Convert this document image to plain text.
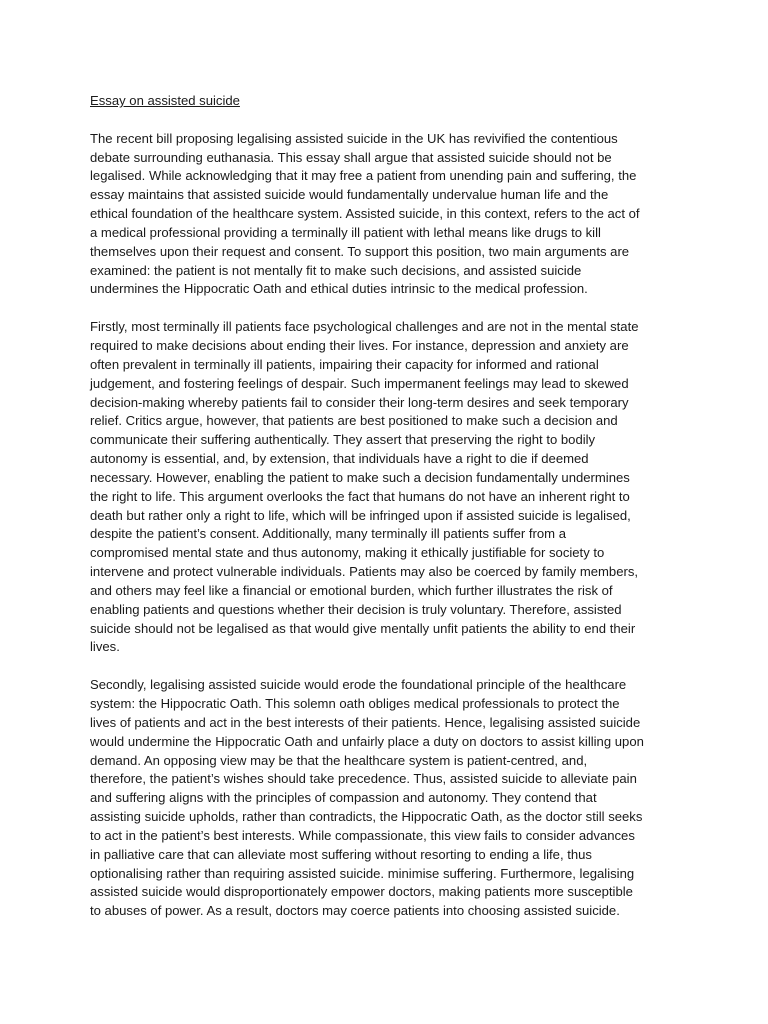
Essay on assisted suicide
The recent bill proposing legalising assisted suicide in the UK has revivified the contentious
debate surrounding euthanasia. This essay shall argue that assisted suicide should not be
legalised. While acknowledging that it may free a patient from unending pain and suffering, the
essay maintains that assisted suicide would fundamentally undervalue human life and the
ethical foundation of the healthcare system. Assisted suicide, in this context, refers to the act of
a medical professional providing a terminally ill patient with lethal means like drugs to kill
themselves upon their request and consent. To support this position, two main arguments are
examined: the patient is not mentally fit to make such decisions, and assisted suicide
undermines the Hippocratic Oath and ethical duties intrinsic to the medical profession.
Firstly, most terminally ill patients face psychological challenges and are not in the mental state
required to make decisions about ending their lives. For instance, depression and anxiety are
often prevalent in terminally ill patients, impairing their capacity for informed and rational
judgement, and fostering feelings of despair. Such impermanent feelings may lead to skewed
decision-making whereby patients fail to consider their long-term desires and seek temporary
relief. Critics argue, however, that patients are best positioned to make such a decision and
communicate their suffering authentically. They assert that preserving the right to bodily
autonomy is essential, and, by extension, that individuals have a right to die if deemed
necessary. However, enabling the patient to make such a decision fundamentally undermines
the right to life. This argument overlooks the fact that humans do not have an inherent right to
death but rather only a right to life, which will be infringed upon if assisted suicide is legalised,
despite the patient’s consent. Additionally, many terminally ill patients suffer from a
compromised mental state and thus autonomy, making it ethically justifiable for society to
intervene and protect vulnerable individuals. Patients may also be coerced by family members,
and others may feel like a financial or emotional burden, which further illustrates the risk of
enabling patients and questions whether their decision is truly voluntary. Therefore, assisted
suicide should not be legalised as that would give mentally unfit patients the ability to end their
lives.
Secondly, legalising assisted suicide would erode the foundational principle of the healthcare
system: the Hippocratic Oath. This solemn oath obliges medical professionals to protect the
lives of patients and act in the best interests of their patients. Hence, legalising assisted suicide
would undermine the Hippocratic Oath and unfairly place a duty on doctors to assist killing upon
demand. An opposing view may be that the healthcare system is patient-centred, and,
therefore, the patient’s wishes should take precedence. Thus, assisted suicide to alleviate pain
and suffering aligns with the principles of compassion and autonomy. They contend that
assisting suicide upholds, rather than contradicts, the Hippocratic Oath, as the doctor still seeks
to act in the patient’s best interests. While compassionate, this view fails to consider advances
in palliative care that can alleviate most suffering without resorting to ending a life, thus
optionalising rather than requiring assisted suicide. minimise suffering. Furthermore, legalising
assisted suicide would disproportionately empower doctors, making patients more susceptible
to abuses of power. As a result, doctors may coerce patients into choosing assisted suicide.
